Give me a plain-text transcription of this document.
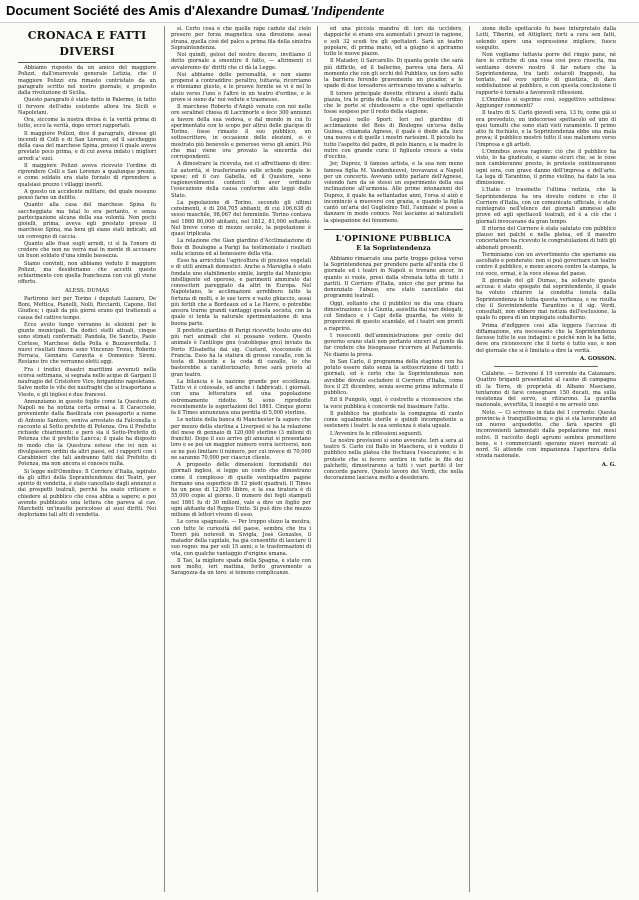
Document Société des Amis d'Alexandre Dumas
L'Indipendente
CRONACA E FATTI DIVERSI

Abbiamo risposto da un amico del maggiore Polizzi, dall'onorevole generale Letizia, che il maggiore Polizzi era rimasto contristato da un paragrafo scritto nel nostro giornale, e proposto dalla rivoluzione di Sicilia.

Questo paragrafo è stato detto in Palermo, in tutto il fervore dell'odio esistente allora tra Sicili e Napoletani.

Ora, siccome la nostra divisa è: la verità prima di tutto, ecco la verità, dopo errori rapportati.

Il maggiore Polizzi, dice il paragrafo, diresse gli incendi di Colli e di San Lorenzo, ed il saccheggio della casa del marchese Spina, presso il quale aveva prestato poco prima, e di cui aveva indato i migliori arredi a' suoi.

Il maggiore Polizzi aveva ricevuto l'ordine di riprendere Colli e San Lorenzo a qualunque prezzo, e come soldato era stato forzato di riprendere a qualsiasi prezzo i villaggi insorti.

A questo un accidente militare, del quale nessuno pensò farne un delitto.

Quanto alla casa del marchese Spina fu saccheggiata ma fatal lo era pertanto, e senza partecipazione alcuna della sua volontà. Non pochi gioielli, prima, aveva egli prestato presso il marchese Spina, ma beni gli siano stati indicati, ad un convegno di caccia.

Quanto alle frasi sugli arredi, ci si fa l'onore di credere che non ne verrà mai in mente di accusare un buon soldato d'una simile bassezza.

Siamo convinti, non abbiamo veduto il maggiore Polizzi, ma desideriamo che accetti questo schiarimento con quella franchezza con cui gli viene offerto.

ALESS. DUMAS

Partirono ieri per Torino i deputati Lazzaro, De Boni, Mettica, Pianelli, Nolli, Ricciardi, Capone, Del Giudice; i quali da più giorni erano qui trattenuti a causa del cattivo tempo.

Ecco avuto lungo verranno le elezioni per le giunte municipali. Da dodici stelli attuali, cinque sono stimati confermati: Pandola, De Sanctis, Paolo Cortese, Marchese della Polla e Buzzaverdella. I nuovi risultati finora sono Vincenzo Troisi, Roberto Ferraca, Gennaro Caravita e Domenico Sireni. Restano tre che verranno eletti oggi.

Fra i tredici disastri marittimi avvenuti nella scorsa settimana, si segnala nelle acque di Gargani il naufragio del Cristoforo Vico, brigantino napoletano. Salve molte le vite dei naufraghi che si trasportano a Vieste, e gli inglesi e due francesi.

Annunziamo in questo foglio come la Questura di Napoli ne ha notizia certa ormai a. Il Caracciolo, proveniente dalla Basilicata con passaporto a nome di Antonio Santoro, veniva arrestato da Falconella e racconto al Sotto prefetto di Potenza. Ora il Prefetto richiede chiarimenti; e però sia il Sotto-Prefetto di Potenza che il prefetto Lancca; il quale ha disposto in modo che la Questura estese che ivi non si divulgassero ordini da altri paesi, ed i rapporti con i Carabinieri che tali andranno fatti dal Prefetto di Potenza, ma non ancora si conosce nulla.

Si legge nell'Omnibus: Il Corriere d'Italia, ispirato da gli uffici della Sopraintendenza dei Teatri, per spirito di vendetta, è stato cancellato dagli annunzi e dai prospetti teatrali, perchè ha osato criticare e chiedere al pubblico che cosa abbia a sapere; e poi avendo pubblicato una lettera che pareva al cav. Marchetti un'insulto pericoloso ai suoi diritti. Noi deploriamo tali atti di vendetta.

si. Certo cosa è che quelle rape cadute dal cielo presero per forza magnetica una direzione assai strana, quella cioè del palco a prima fila della sinistra Sopraintendenza.

Noi quindi, gelosi del nostro decoro, invitiamo il detto giornale a smentire il fatto, — altrimenti ci avvaleremo de' diritti che ci dà la Legge.

Noi abbiamo delle personalità, e non siamo propensi a contraddire: peraltro, tuttavia, ricorriamo e riteniamo giusto, e le pruove fornite se vi è nel lo stato verso l'uno o l'altro in un teatro d'ordine, e le prove si sieno da' noi vedute e trasmesse.

Il marchese Roberto d'Angiò venuto con noi nelle ore seralinel chiesa di Lacrimorte e fece 300 annunzi a favore della sua vedova, e dal mondo in cui fu sperimentato con lo scopo per altrui delle giacque di Torino, fosse rimasto il suo pubblico, un sottoscrittore, in occasione delle elezioni, si è mostrato più benevolo e generoso verso gli amici. Più che mai viene ora provato la sincerità dei corrispondenti.

A dimostrare la ricevuta, noi ci affrettiamo di dire: Le autorità, si trasferiranno sulle schede pagate le spese; ed il cav. Gabella, ed il Questore, sono ragionevolmente contenti di aver ordinato l'esecuzione della causa conforme alle leggi dello Stato.

La popolazione di Torino, secondo gli ultimi censimenti, è di 204,705 abitanti, di cui 106,638 di sesso maschile, 98,067 del femminile. Torino contava nel 1860 80,000 abitanti, nel 1812, 81,000 soltanto. Nel breve corso di mezzo secolo, la popolazione è quasi triplicata.

La relazione che Gian giardino d'Acclimatazione di Bois di Boulogne a Parigi ha testimoniato i risultati sulla scienza ed al benessere della vita.

Esso ha arricchita l'agricoltura di preziosi vegetali e di utili animali domestici. Anche a Marsiglia è stato fondato uno stabilimento simile, largito dal Municipio intelligente ed operoso, e parimenti ammirato dai conoscitori pareggiato da altri in Europa. Nel Napoletano, le acclimazioni avrebbero fatto la fortuna di molti, e le sue terre e vasto ghiaccio, assai più fertili che a Bordeaux ed a Le Havre, o potrebbe ancora trarne grandi vantaggi questa società, con la quale si tenta la naturale sperimentazione di una buona parte.

Il prefetto giardino di Parigi ricevette tosto uno dei più rari animali che si possano vedere. Questo animale è l'antilope gnu (catoblepas gnu) inviato da Porto Elisabetta dai sig. Custard, viceconsole di Francia. Esso ha la statura di grosso cavallo, con la testa di bisonte e la coda di cavallo, lo che basterebbe a caratterizzarlo; forse sarà presto al gran teatro.

La bilancia è la nazione grande per eccellenza. Tutto vi è colossale, ed anche i fabbricati, i giornali, con una letteratura ed una popolazione estremamente ridotte. Si sono riprodotte recentemente le esportazioni del 1861. Cinque giorni fa il Times annunziava una perdita di 5,000 sterline.

Le notizie della banca di Manchester fa sapere che per mezzo della sterlina a Liverpool si ha la relazione del mese di gennaio di 120,000 sterline (3 milioni di franchi). Dopo il suo arrivo gli annunzi si presentano loro e se poi un maggior numero vorrà iscriversi, non se ne può limitare il numero, per cui invece di 70,000 ne saranno 70,000 per ciascun cliente.

A proposito delle dimensioni formidabili dei giornali inglesi, si legge un conto che dimostrano come il complesso di quelle ventiquattro pagine formano una superficie di 12 piedi quadrati. Il Times ha un peso di 12,500 libbre, e la sua tiratura è di 55,000 copie al giorno. Il numero dei fogli stampati nel 1861 fu di 30 milioni, vale a dire un foglio per ogni abitante del Regno Unito. Si può dire che mezzo milione di lettori vivono di esso.

Le corse spagnuole. — Per troppo stizzo la mostra, con tutte le curiosità del paese, sembra che tra i Toreri più notevoli in Sivigla, Josè Gonzales, il matador della capitale, ha già consentito di lasciare il suo regno: ma per soli 15 anni; e le trasformazioni di vita, con qualche vantaggio d'origine umana.

Il Tao, la migliore spada della Spagna, è stato con non molto, ieri mattina, ferito gravemente a Saragozza da un toro: si temono complicanze.

ed una piccola mandra di tori da uccidere, dappoichè si erano ora aumentati i prezzi in ragione, e soli 32 scudi tra gli spettatori. Sarà un teatro popolare, di prima mano, ed a giugno si apriranno tutte le nuove piazze.

Il Matador, il Sarcarello. Di quanta gente che sarà più difficile, ed il ballerino, pareva una fiera. Al momento che con gli occhi del Pubblico, un toro saltò la barriera ferendo gravemente un picador, e le spade di due toreadores arrivarono invano a salvarlo.

Il torero principale dovette ritirarsi a stenti dalla piazza, tra le grida della folla: e il Presidente ordinò che le porte si chiudessero e che ogni spettacolo fosse sospeso per il resto della stagione.

Leggesi nello Sport: Ieri nel giardino di acclimazione del Bois di Boulogne un'orsa della Guinea, chiamata Agnese, il quale è diede alla luce una nuova e di quelle i mostri rarissimi. Il piccolo ha tutto l'aspetto del padre, di pelo bianco, e la madre lo nutre con grande cura: il figliuolo cresce a vista d'occhio.

Jer, Duprez, il famoso artista, e la sua non meno famosa figlia M. Vandenheuvel, trovavansi a Napoli per un concerto. Avevano udito parlare dell'Agnese, volendo fare da sè stessi un esperimento della sua inclinazione all'armonia. Alle prime intonazioni del Duprez, il quale ha settantadue anni, l'orsa si alzò e incominciò a muoversi con grazia, e quando la figlia cantò un'aria del Guglielmo Tell, l'animale si pose a danzare in modo comico. Noi lasciamo ai naturalisti la spiegazione del fenomeno.

L'OPINIONE PUBBLICA
E la Soprintendenza

Abbiamo rimarcato una parte troppo gelosa verso la Soprintendenza per prendere parte all'unità che il giornale ed i teatri in Napoli si trovano ancor, in quanto si vuole, presi dalla sfrenata lotta di tutti i partiti. Il Corriere d'Italia, unico che per primo ha denunziato l'abuso, era stato cancellato dai programmi teatrali.

Oggi, soltanto che il pubblico ne dia una chiara dimostrazione: e la Giunta, assistita dai vari delegati, col Sindaco e i Capi della guardia, ha visto le proporzioni di questo scandalo, ed i teatri son pronti a riaprirsi.

I resoconti dell'amministrazione per conto del governo erano stati non pertanto sinceri al punto da far credere che bisognasse ricorrere al Parlamento. Ne diamo la prova.

In San Carlo, il programma della stagione non ha potuto essere dato senza la sottoscrizione di tutti i giornali, ed è certo che la Soprintendenza non avrebbe dovuto escludere il Corriere d'Italia, come fece il 25 dicembre, senza averne prima informato il pubblico.

Ed il Pungolo, oggi, è costretto a riconoscere che la voce pubblica è concorde nel biasimare l'atto.

Il pubblico ha giudicato la compagnia di canto come egualmente sterile e quindi incompetente a sostenere i teatri: la sua sentenza è stata uguale.

L'Avvenire fa le riflessioni seguenti.

Le nostre previsioni si sono avverate. Ieri a sera al teatro S. Carlo col Ballo in Maschera, si è veduto il pubblico nella platea che fischiava l'esecuzione; e le proteste che si fecero sentire in tutte le file dei palchetti, dimostrarono a tutti i vari partiti il lor concorde parere. Questo lavoro del Verdi, che nella decorazione lasciava molto a desiderare.

zione dello spettacolo fu base interpretato dalla Lotti, Tiberini, ed Attiglieri; forti a cera sen fatti, solendo opere una espressione migliore, fuoco eseguito.

Non vogliamo tuttavia porre del ringio pane, né fare le critiche di una cosa così poco riuscita, ma sentiamo dovere nostro il far notare che la Soprintendenza, tra tanti ostacoli frapposti, ha tentato, nel vero spirito di giustizia, di dare soddisfazione al pubblico, e con questa conclusione il rapporto è tornato a favorevoli riflessioni.

L'Omnibus si esprime così, soggettivo sottolinea: Aggiunger commenti?

Il teatro di S. Carlo giovedì sera, 13 fu, come già si era preveduto, un indecoroso spettacolo ed uno di quei tumulti che sono stati visti raramente. Il primo atto fu fischiato, e la Soprintendenza ebbe una mala prova; il pubblico mostrò tutto il suo malumore verso l'impresa e gli artisti.

L'Omnibus aveva ragione: ciò che il pubblico ha visto, lo ha giudicato, e siamo sicuri che, se le cose non cambieranno presto, le proteste continueranno ogni sera, con grave danno dell'impresa e dell'arte. La lega di Tarantino, il primo violino, ha dato la sua dimissione.

L'Italie ci trasmette l'ultima notizia, che la Soprintendenza ha ora dovuto cedere e che il Corriere d'Italia, con un comunicato ufficiale, è stato reintegrato nell'elenco dei giornali ammessi alle prove ed agli spettacoli teatrali, ed è a ciò che i giornali invocavano da gran tempo.

Il ritorno del Corriere è stato salutato con pubblico plauso nei palchi e nella platea, ed il maestro concertatore ha ricevuto le congratulazioni di tutti gli abbonati presenti.

Terminiamo con un avvertimento che speriamo sia ascoltato e ponderato: non si può governare un teatro contro il pubblico, e meno ancora contro la stampa, la cui voce, ormai, è la voce stessa del paese.

Il giornale del gli Dumas, ha sollevato questa accusa: è stato spiegato dal soprintendente, il quale ha voluto chiarire la condotta tenuta dalla Soprintendenza in tutta questa vertenza, e ne risulta che il Sovrintendente Tarantino e il sig. Verdi, consultati, non ebbero mai notizia dell'esclusione, la quale fu opera di un impiegato subalterno.

Prima d'inflggere così alla leggera l'accusa di diffamazione, era necessario che la Soprintendenza facesse tutte le sue indagini; e poiché non le ha fatte, deve ora riconoscere che il torto è tutto suo, e non del giornale che si è limitato a dire la verità.

A. GOSSON.

Calabrie. — Scrivono il 19 corrente da Catanzaro. Quattro briganti presentatisi al casino di campagna di la Torre, di proprietà di Albano Masciano, tentarono di farsi consegnare 150 ducati, ma sulla resistenza del servo, si ritirarono. La guardia nazionale, avvertita, li inseguì e ne arrestò uno.

Noto. — Ci scrivono in data del 1 corrente: Questa provincia è tranquillissima; e già si sta lavorando ad un nuovo acquedotto, che farà sparire gli inconvenienti lamentati dalla popolazione nei mesi estivi. Il raccolto degli agrumi sembra promettere bene, e i commercianti sperano nuovi mercati al nord. Si attende con impazienza l'apertura della strada nazionale.

A. G.
